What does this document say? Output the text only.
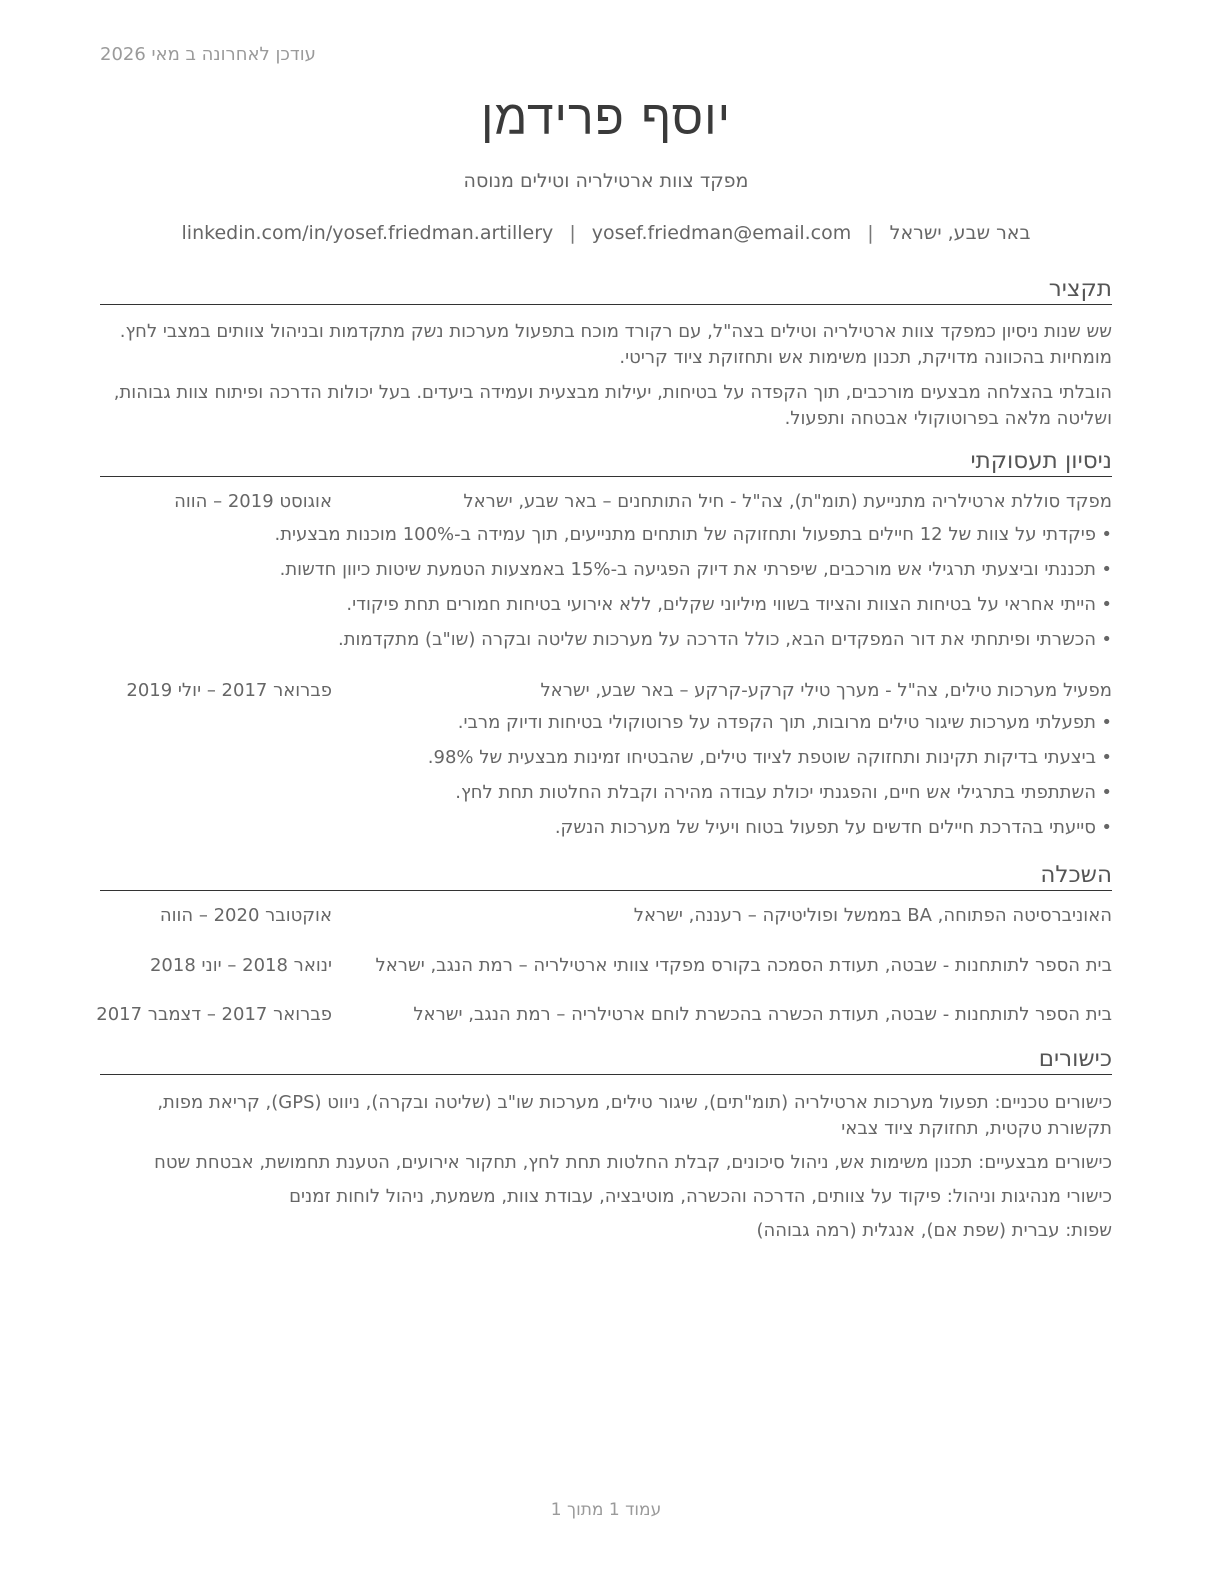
עודכן לאחרונה ב מאי 2026
יוסף פרידמן
מפקד צוות ארטילריה וטילים מנוסה
באר שבע, ישראל|yosef.friedman@email.com|linkedin.com/in/yosef.friedman.artillery
תקציר
שש שנות ניסיון כמפקד צוות ארטילריה וטילים בצה"ל, עם רקורד מוכח בתפעול מערכות נשק מתקדמות ובניהול צוותים במצבי לחץ. מומחיות בהכוונה מדויקת, תכנון משימות אש ותחזוקת ציוד קריטי.
הובלתי בהצלחה מבצעים מורכבים, תוך הקפדה על בטיחות, יעילות מבצעית ועמידה ביעדים. בעל יכולות הדרכה ופיתוח צוות גבוהות, ושליטה מלאה בפרוטוקולי אבטחה ותפעול.
ניסיון תעסוקתי
מפקד סוללת ארטילריה מתנייעת (תומ"ת), צה"ל - חיל התותחנים – באר שבע, ישראל
אוגוסט 2019 – הווה
•
פיקדתי על צוות של 12 חיילים בתפעול ותחזוקה של תותחים מתנייעים, תוך עמידה ב-100% מוכנות מבצעית.
•
תכננתי וביצעתי תרגילי אש מורכבים, שיפרתי את דיוק הפגיעה ב-15% באמצעות הטמעת שיטות כיוון חדשות.
•
הייתי אחראי על בטיחות הצוות והציוד בשווי מיליוני שקלים, ללא אירועי בטיחות חמורים תחת פיקודי.
•
הכשרתי ופיתחתי את דור המפקדים הבא, כולל הדרכה על מערכות שליטה ובקרה (שו"ב) מתקדמות.
מפעיל מערכות טילים, צה"ל - מערך טילי קרקע-קרקע – באר שבע, ישראל
פברואר 2017 – יולי 2019
•
תפעלתי מערכות שיגור טילים מרובות, תוך הקפדה על פרוטוקולי בטיחות ודיוק מרבי.
•
ביצעתי בדיקות תקינות ותחזוקה שוטפת לציוד טילים, שהבטיחו זמינות מבצעית של 98%.
•
השתתפתי בתרגילי אש חיים, והפגנתי יכולת עבודה מהירה וקבלת החלטות תחת לחץ.
•
סייעתי בהדרכת חיילים חדשים על תפעול בטוח ויעיל של מערכות הנשק.
השכלה
האוניברסיטה הפתוחה, BA בממשל ופוליטיקה – רעננה, ישראל
אוקטובר 2020 – הווה
בית הספר לתותחנות - שבטה, תעודת הסמכה בקורס מפקדי צוותי ארטילריה – רמת הנגב, ישראל
ינואר 2018 – יוני 2018
בית הספר לתותחנות - שבטה, תעודת הכשרה בהכשרת לוחם ארטילריה – רמת הנגב, ישראל
פברואר 2017 – דצמבר 2017
כישורים
כישורים טכניים: תפעול מערכות ארטילריה (תומ"תים), שיגור טילים, מערכות שו"ב (שליטה ובקרה), ניווט (GPS), קריאת מפות, תקשורת טקטית, תחזוקת ציוד צבאי
כישורים מבצעיים: תכנון משימות אש, ניהול סיכונים, קבלת החלטות תחת לחץ, תחקור אירועים, הטענת תחמושת, אבטחת שטח
כישורי מנהיגות וניהול: פיקוד על צוותים, הדרכה והכשרה, מוטיבציה, עבודת צוות, משמעת, ניהול לוחות זמנים
שפות: עברית (שפת אם), אנגלית (רמה גבוהה)
עמוד 1 מתוך 1
